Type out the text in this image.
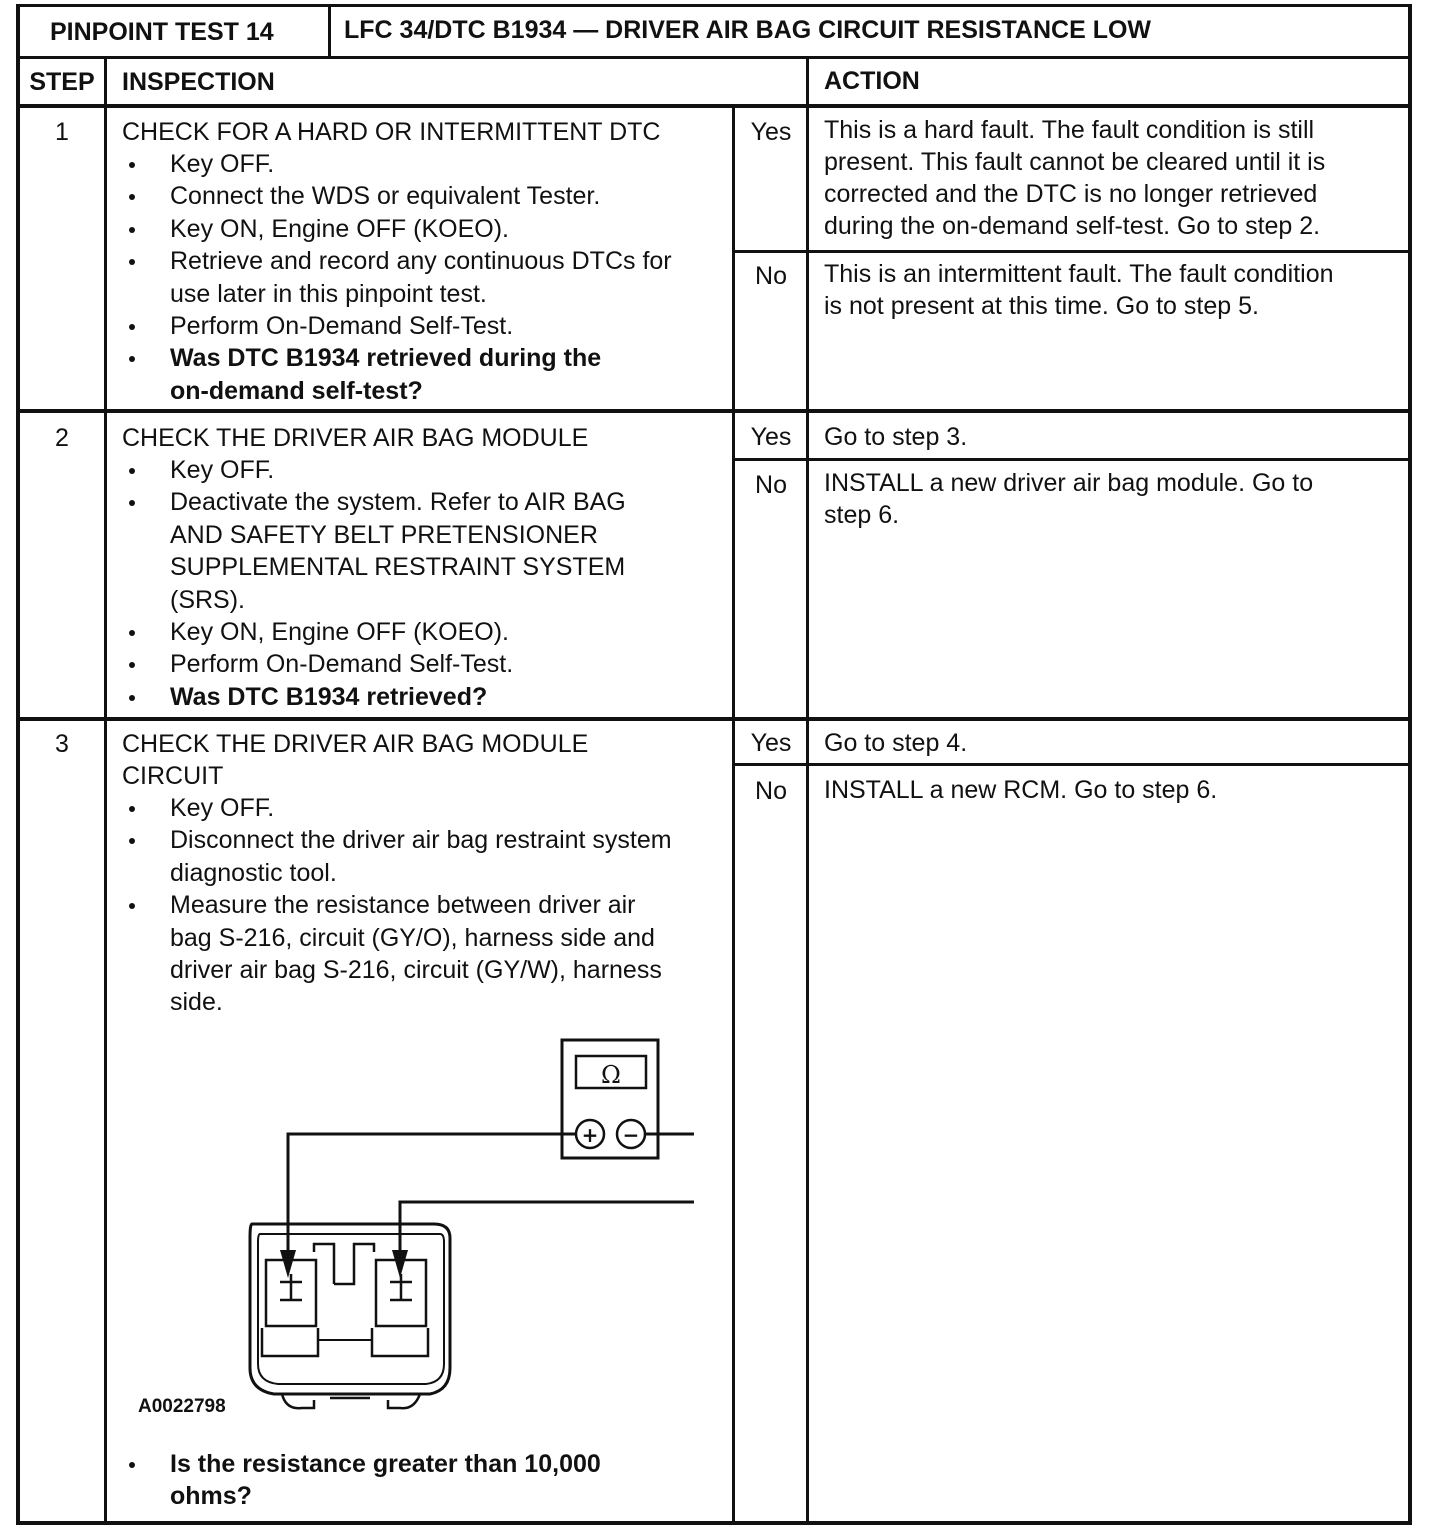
PINPOINT TEST 14	LFC 34/DTC B1934 — DRIVER AIR BAG CIRCUIT RESISTANCE LOW
STEP	INSPECTION	ACTION
1	CHECK FOR A HARD OR INTERMITTENT DTC
Key OFF.
Connect the WDS or equivalent Tester.
Key ON, Engine OFF (KOEO).
Retrieve and record any continuous DTCs for
use later in this pinpoint test.
Perform On-Demand Self-Test.
Was DTC B1934 retrieved during the
on-demand self-test?
Yes	This is a hard fault. The fault condition is still
present. This fault cannot be cleared until it is
corrected and the DTC is no longer retrieved
during the on-demand self-test. Go to step 2.
No	This is an intermittent fault. The fault condition
is not present at this time. Go to step 5.
2	CHECK THE DRIVER AIR BAG MODULE
Key OFF.
Deactivate the system. Refer to AIR BAG
AND SAFETY BELT PRETENSIONER
SUPPLEMENTAL RESTRAINT SYSTEM
(SRS).
Key ON, Engine OFF (KOEO).
Perform On-Demand Self-Test.
Was DTC B1934 retrieved?
Yes	Go to step 3.
No	INSTALL a new driver air bag module. Go to
step 6.
3	CHECK THE DRIVER AIR BAG MODULE
CIRCUIT
Key OFF.
Disconnect the driver air bag restraint system
diagnostic tool.
Measure the resistance between driver air
bag S-216, circuit (GY/O), harness side and
driver air bag S-216, circuit (GY/W), harness
side.
Is the resistance greater than 10,000
ohms?
Yes	Go to step 4.
No	INSTALL a new RCM. Go to step 6.
Ω
+ −
A0022798
